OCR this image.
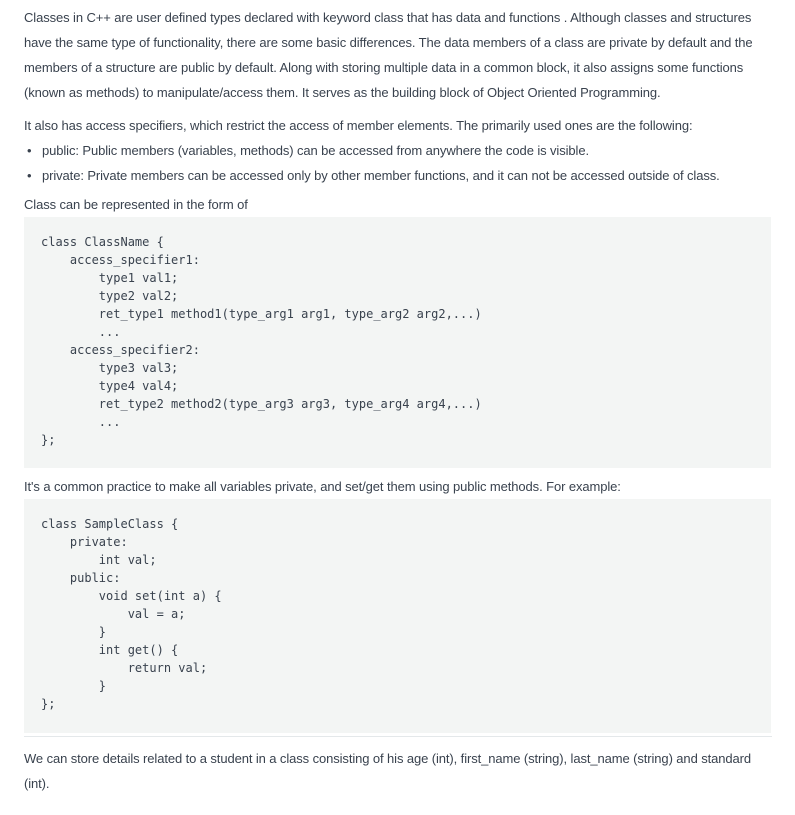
Classes in C++ are user defined types declared with keyword class that has data and functions . Although classes and structures have the same type of functionality, there are some basic differences. The data members of a class are private by default and the members of a structure are public by default. Along with storing multiple data in a common block, it also assigns some functions (known as methods) to manipulate/access them. It serves as the building block of Object Oriented Programming.

It also has access specifiers, which restrict the access of member elements. The primarily used ones are the following:

• public: Public members (variables, methods) can be accessed from anywhere the code is visible.
• private: Private members can be accessed only by other member functions, and it can not be accessed outside of class.

Class can be represented in the form of

class ClassName {
access_specifier1:
type1 val1;
type2 val2;
ret_type1 method1(type_arg1 arg1, type_arg2 arg2,...)
...
access_specifier2:
type3 val3;
type4 val4;
ret_type2 method2(type_arg3 arg3, type_arg4 arg4,...)
...
};

It's a common practice to make all variables private, and set/get them using public methods. For example:

class SampleClass {
private:
int val;
public:
void set(int a) {
val = a;
}
int get() {
return val;
}
};

We can store details related to a student in a class consisting of his age (int), first_name (string), last_name (string) and standard (int).
